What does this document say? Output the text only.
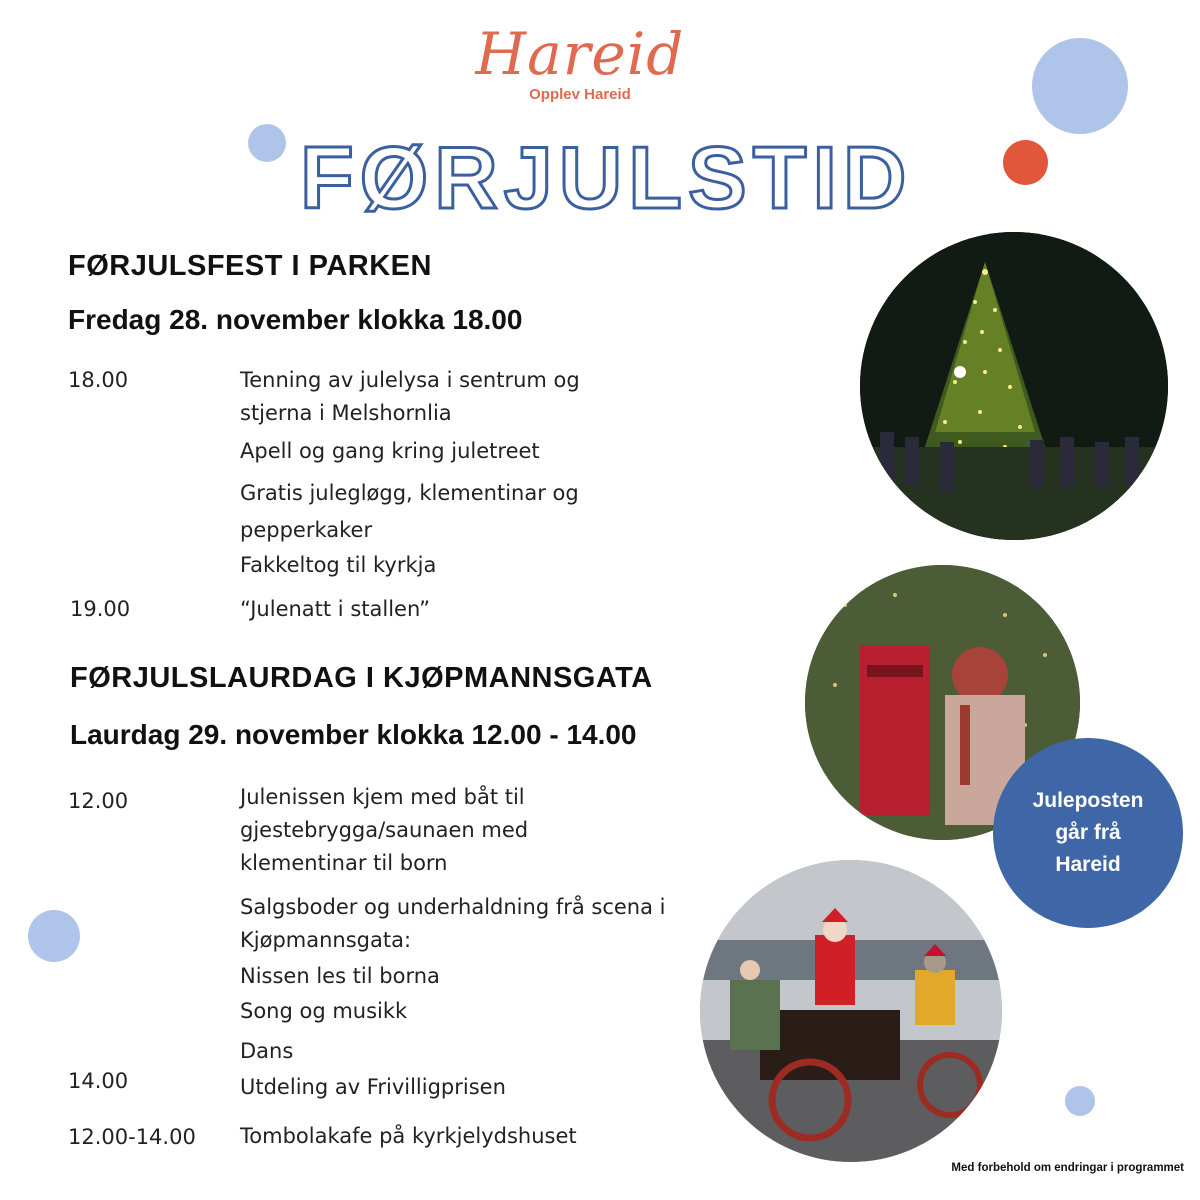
Hareid
Opplev Hareid
FØRJULSTID
FØRJULSFEST I PARKEN
Fredag 28. november klokka 18.00
18.00	Tenning av julelysa i sentrum og
stjerna i Melshornlia
Apell og gang kring juletreet
Gratis julegløgg, klementinar og
pepperkaker
Fakkeltog til kyrkja
19.00	“Julenatt i stallen”
FØRJULSLAURDAG I KJØPMANNSGATA
Laurdag 29. november klokka 12.00 - 14.00
12.00	Julenissen kjem med båt til
gjestebrygga/saunaen med
klementinar til born
Salgsboder og underhaldning frå scena i
Kjøpmannsgata:
Nissen les til borna
Song og musikk
Dans
14.00	Utdeling av Frivilligprisen
12.00-14.00 Tombolakafe på kyrkjelydshuset
Juleposten
går frå
Hareid
Med forbehold om endringar i programmet
